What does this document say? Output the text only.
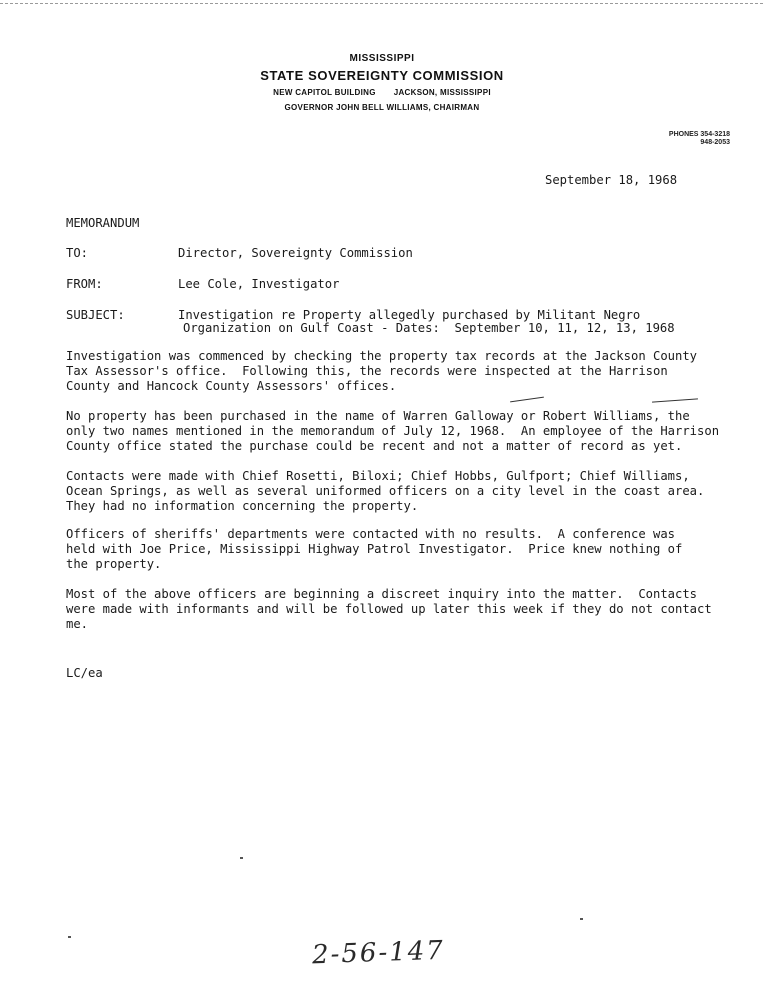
MISSISSIPPI
STATE SOVEREIGNTY COMMISSION
NEW CAPITOL BUILDING JACKSON, MISSISSIPPI
GOVERNOR JOHN BELL WILLIAMS, CHAIRMAN
PHONES 354-3218
948-2053
September 18, 1968
MEMORANDUM
TO:	Director, Sovereignty Commission
FROM:	Lee Cole, Investigator
SUBJECT:	Investigation re Property allegedly purchased by Militant Negro
Organization on Gulf Coast - Dates:  September 10, 11, 12, 13, 1968
Investigation was commenced by checking the property tax records at the Jackson County
Tax Assessor's office.  Following this, the records were inspected at the Harrison
County and Hancock County Assessors' offices.
No property has been purchased in the name of Warren Galloway or Robert Williams, the
only two names mentioned in the memorandum of July 12, 1968.  An employee of the Harrison
County office stated the purchase could be recent and not a matter of record as yet.
Contacts were made with Chief Rosetti, Biloxi; Chief Hobbs, Gulfport; Chief Williams,
Ocean Springs, as well as several uniformed officers on a city level in the coast area.
They had no information concerning the property.
Officers of sheriffs' departments were contacted with no results.  A conference was
held with Joe Price, Mississippi Highway Patrol Investigator.  Price knew nothing of
the property.
Most of the above officers are beginning a discreet inquiry into the matter.  Contacts
were made with informants and will be followed up later this week if they do not contact
me.
LC/ea
2-56-147
